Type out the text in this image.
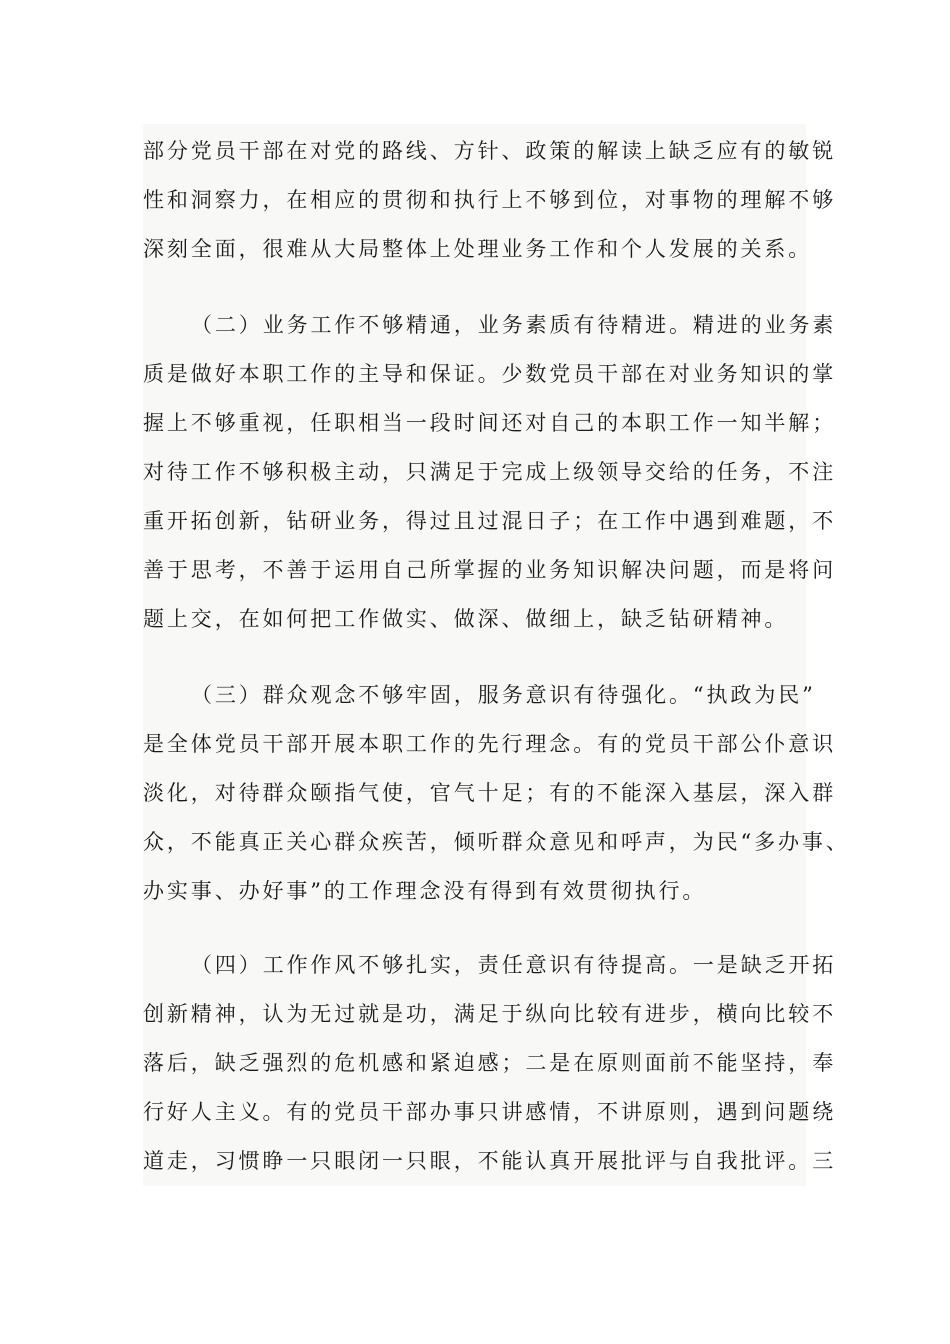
部分党员干部在对党的路线、方针、政策的解读上缺乏应有的敏锐
性和洞察力，在相应的贯彻和执行上不够到位，对事物的理解不够
深刻全面，很难从大局整体上处理业务工作和个人发展的关系。
（二）业务工作不够精通，业务素质有待精进。精进的业务素
质是做好本职工作的主导和保证。少数党员干部在对业务知识的掌
握上不够重视，任职相当一段时间还对自己的本职工作一知半解；
对待工作不够积极主动，只满足于完成上级领导交给的任务，不注
重开拓创新，钻研业务，得过且过混日子；在工作中遇到难题，不
善于思考，不善于运用自己所掌握的业务知识解决问题，而是将问
题上交，在如何把工作做实、做深、做细上，缺乏钻研精神。
（三）群众观念不够牢固，服务意识有待强化。“执政为民”
是全体党员干部开展本职工作的先行理念。有的党员干部公仆意识
淡化，对待群众颐指气使，官气十足；有的不能深入基层，深入群
众，不能真正关心群众疾苦，倾听群众意见和呼声，为民“多办事、
办实事、办好事”的工作理念没有得到有效贯彻执行。
（四）工作作风不够扎实，责任意识有待提高。一是缺乏开拓
创新精神，认为无过就是功，满足于纵向比较有进步，横向比较不
落后，缺乏强烈的危机感和紧迫感；二是在原则面前不能坚持，奉
行好人主义。有的党员干部办事只讲感情，不讲原则，遇到问题绕
道走，习惯睁一只眼闭一只眼，不能认真开展批评与自我批评。三
